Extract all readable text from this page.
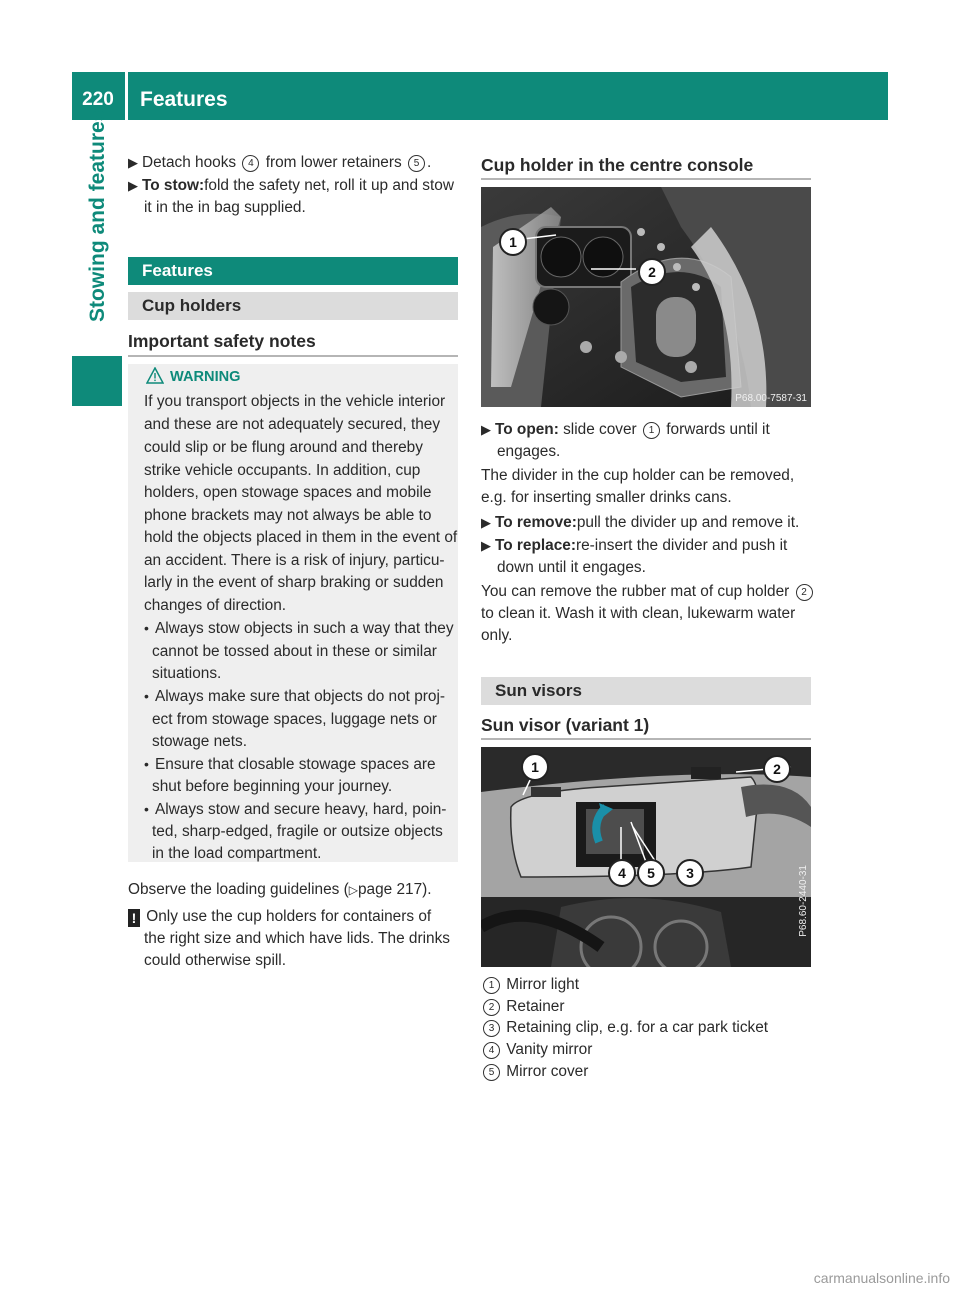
220	Features
Stowing and features ▶ Detach hooks 4 from lower retainers 5 .
▶ To stow:fold the safety net, roll it up and stow
it in the in bag supplied.
Features
Cup holders
Important safety notes
WARNING
If you transport objects in the vehicle interior
and these are not adequately secured, they
could slip or be flung around and thereby
strike vehicle occupants. In addition, cup
holders, open stowage spaces and mobile
phone brackets may not always be able to
hold the objects placed in them in the event of
an accident. There is a risk of injury, particu-
larly in the event of sharp braking or sudden
changes of direction.
• Always stow objects in such a way that they
cannot be tossed about in these or similar
situations.
• Always make sure that objects do not proj-
ect from stowage spaces, luggage nets or
stowage nets.
• Ensure that closable stowage spaces are
shut before beginning your journey.
• Always stow and secure heavy, hard, poin-
ted, sharp-edged, fragile or outsize objects
in the load compartment.
Observe the loading guidelines (▷page 217).
! Only use the cup holders for containers of
the right size and which have lids. The drinks
could otherwise spill.
Cup holder in the centre console
1
2
P68.00-7587-31
▶ To open: slide cover 1 forwards until it
engages.
The divider in the cup holder can be removed,
e.g. for inserting smaller drinks cans.
▶ To remove:pull the divider up and remove it.
▶ To replace:re-insert the divider and push it
down until it engages.
You can remove the rubber mat of cup holder 2
to clean it. Wash it with clean, lukewarm water
only.
Sun visors
Sun visor (variant 1)
1	2
3
4	5	P68.60-2440-31
1 Mirror light
2 Retainer
3 Retaining clip, e.g. for a car park ticket
4 Vanity mirror
5 Mirror cover
carmanualsonline.info
